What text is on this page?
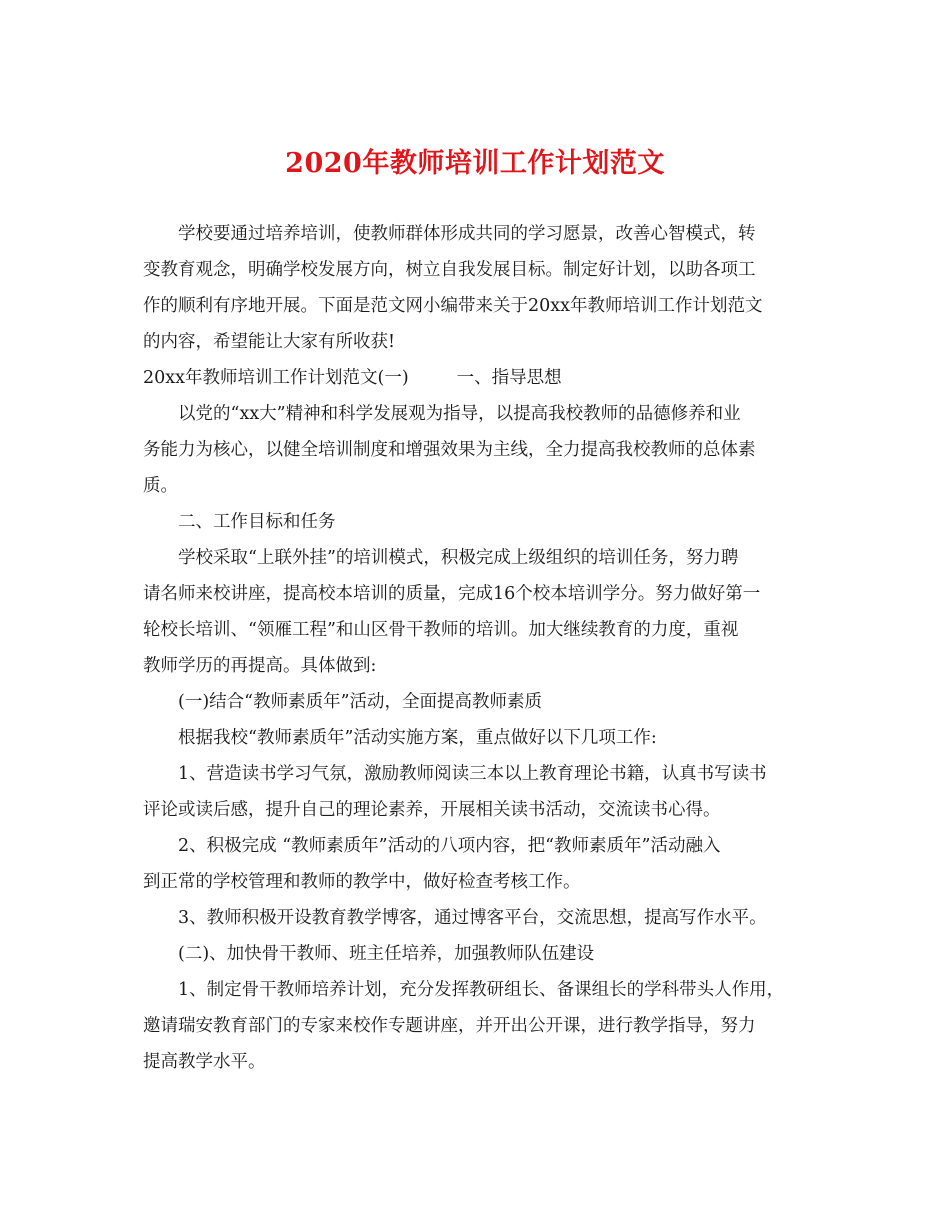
2020年教师培训工作计划范文
学校要通过培养培训，使教师群体形成共同的学习愿景，改善心智模式，转
变教育观念，明确学校发展方向，树立自我发展目标。制定好计划，以助各项工
作的顺利有序地开展。下面是范文网小编带来关于20xx年教师培训工作计划范文
的内容，希望能让大家有所收获!
20xx年教师培训工作计划范文(一)	一、指导思想
以党的“xx大”精神和科学发展观为指导，以提高我校教师的品德修养和业
务能力为核心，以健全培训制度和增强效果为主线，全力提高我校教师的总体素
质。
二、工作目标和任务
学校采取“上联外挂”的培训模式，积极完成上级组织的培训任务，努力聘
请名师来校讲座，提高校本培训的质量，完成16个校本培训学分。努力做好第一
轮校长培训、“领雁工程”和山区骨干教师的培训。加大继续教育的力度，重视
教师学历的再提高。具体做到:
(一)结合“教师素质年”活动，全面提高教师素质
根据我校“教师素质年”活动实施方案，重点做好以下几项工作:
1、营造读书学习气氛，激励教师阅读三本以上教育理论书籍，认真书写读书
评论或读后感，提升自己的理论素养，开展相关读书活动，交流读书心得。
2、积极完成 “教师素质年”活动的八项内容，把“教师素质年”活动融入
到正常的学校管理和教师的教学中，做好检查考核工作。
3、教师积极开设教育教学博客，通过博客平台，交流思想，提高写作水平。
(二)、加快骨干教师、班主任培养，加强教师队伍建设
1、制定骨干教师培养计划，充分发挥教研组长、备课组长的学科带头人作用，
邀请瑞安教育部门的专家来校作专题讲座，并开出公开课，进行教学指导，努力
提高教学水平。
